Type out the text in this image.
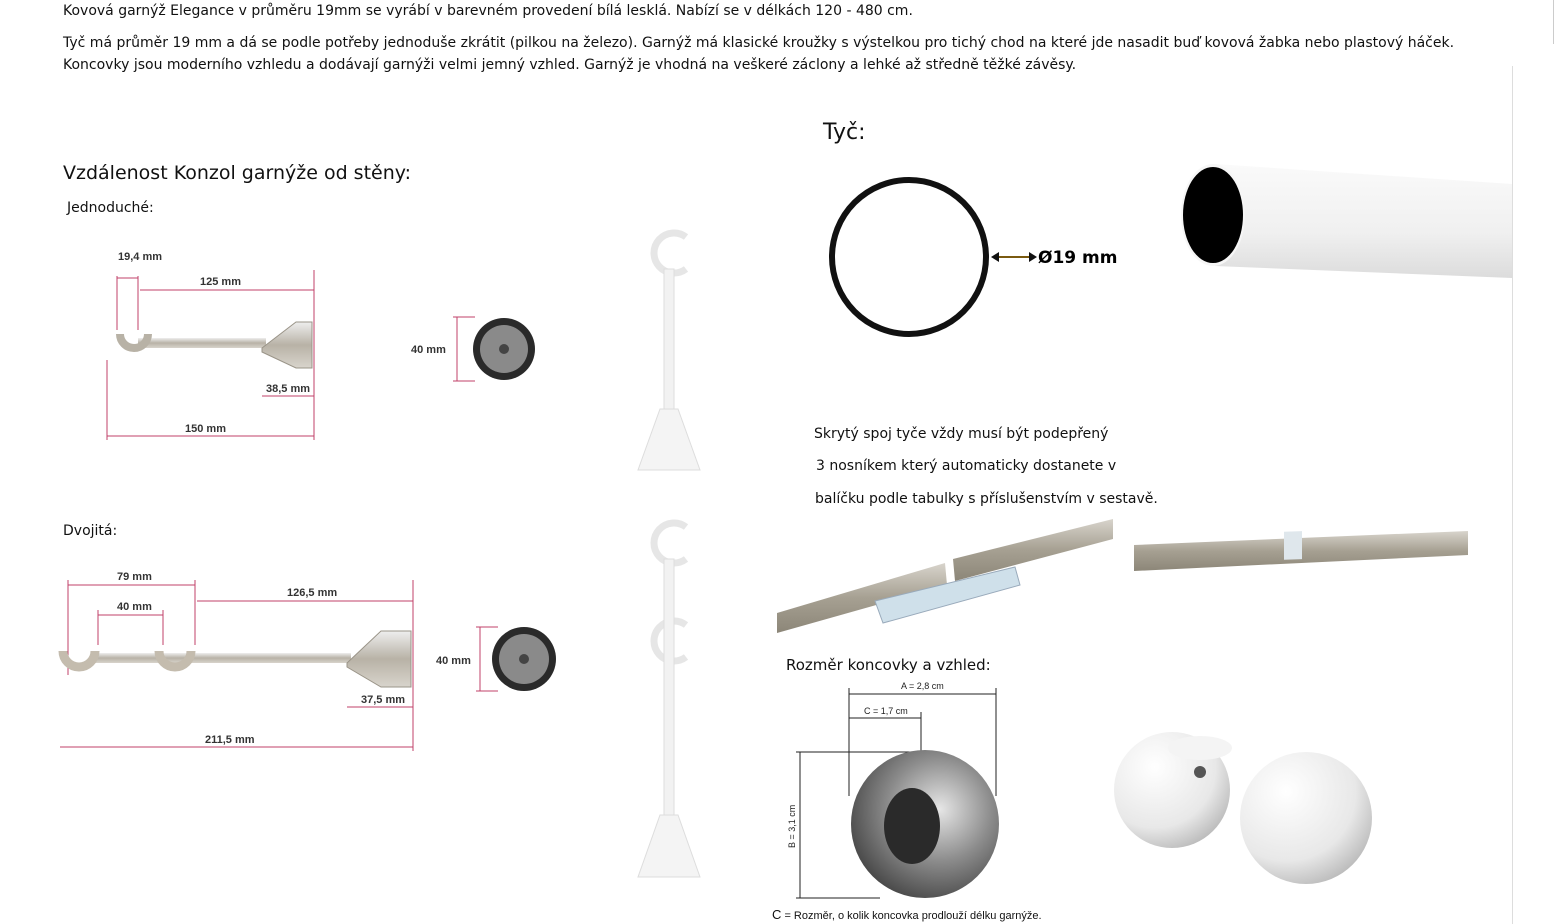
Kovová garnýž Elegance v průměru 19mm se vyrábí v barevném provedení bílá lesklá. Nabízí se v délkách 120 - 480 cm.
Tyč má průměr 19 mm a dá se podle potřeby jednoduše zkrátit (pilkou na železo). Garnýž má klasické kroužky s výstelkou pro tichý chod na které jde nasadit buď kovová žabka nebo plastový háček.
Koncovky jsou moderního vzhledu a dodávají garnýži velmi jemný vzhled. Garnýž je vhodná na veškeré záclony a lehké až středně těžké závěsy.
Vzdálenost Konzol garnýže od stěny:
Jednoduché:
Dvojitá:
Tyč:
19,4 mm
125 mm
38,5 mm
150 mm
40 mm
79 mm
40 mm
126,5 mm
37,5 mm
211,5 mm
40 mm
Ø19 mm
Skrytý spoj tyče vždy musí být podepřený
3 nosníkem který automaticky dostanete v
balíčku podle tabulky s příslušenstvím v sestavě.
Rozměr koncovky a vzhled:
A = 2,8 cm
C = 1,7 cm
B = 3,1 cm
C = Rozměr, o kolik koncovka prodlouží délku garnýže.
